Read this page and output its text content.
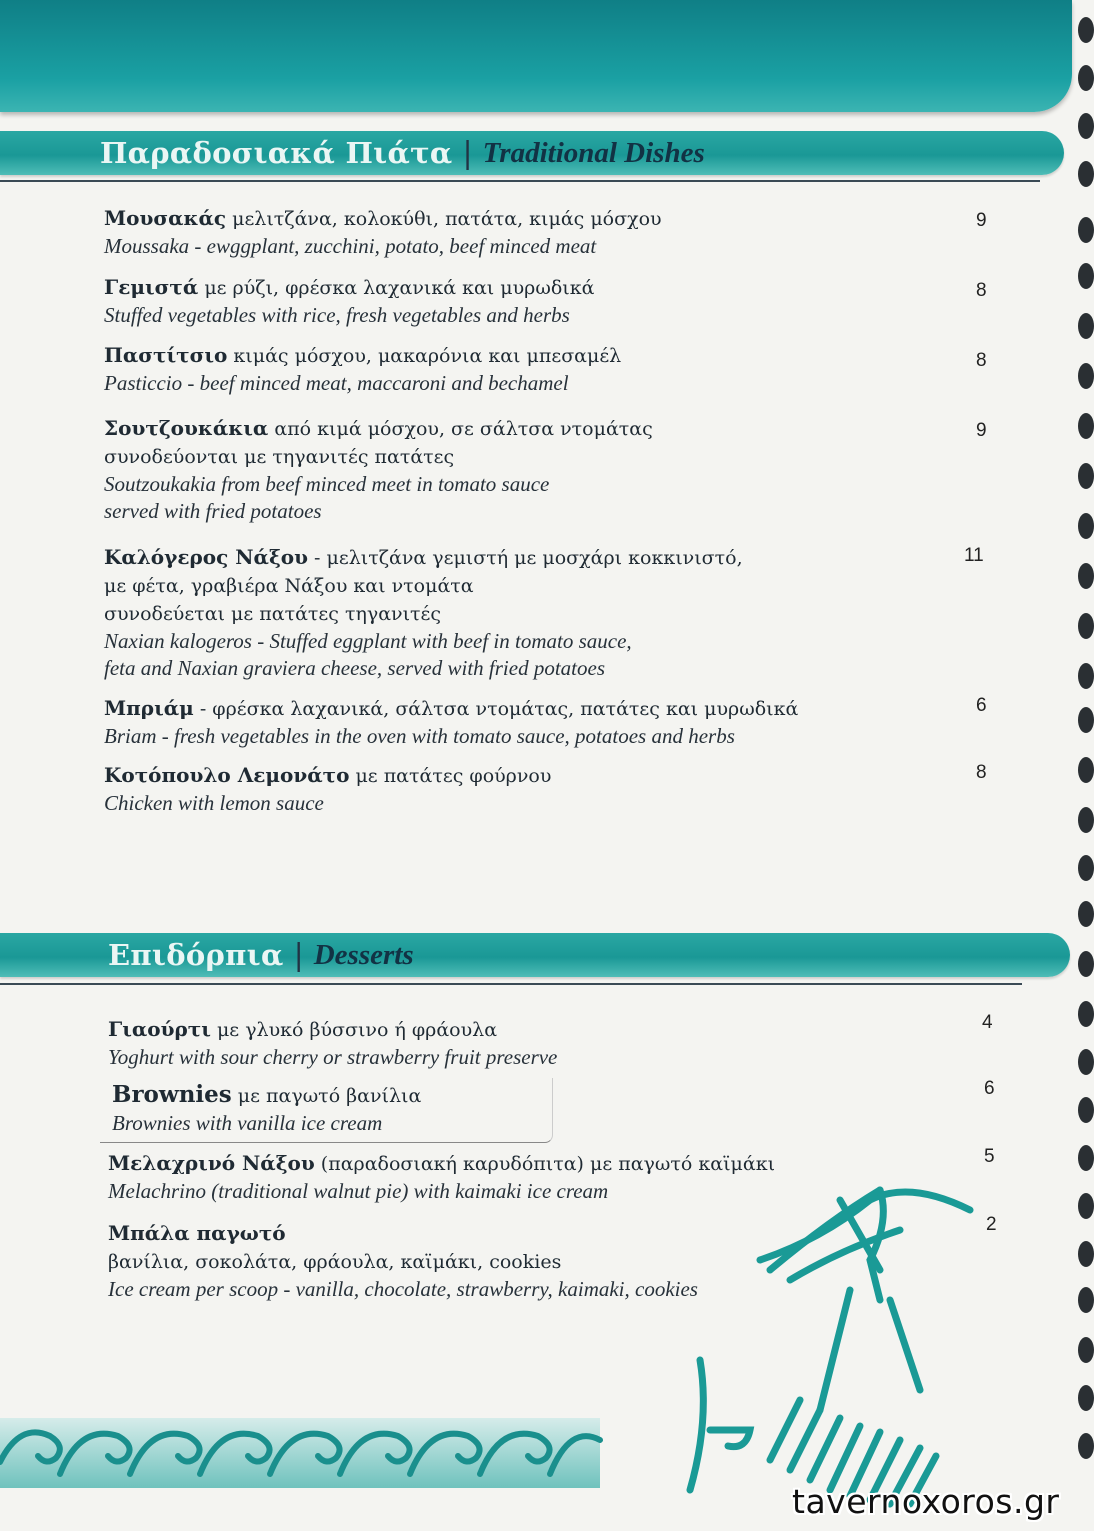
Παραδοσιακά Πιάτα | Traditional Dishes
Μουσακάς μελιτζάνα, κολοκύθι, πατάτα, κιμάς μόσχου
Moussaka - ewggplant, zucchini, potato, beef minced meat
9
Γεμιστά με ρύζι, φρέσκα λαχανικά και μυρωδικά
Stuffed vegetables with rice, fresh vegetables and herbs
8
Παστίτσιο κιμάς μόσχου, μακαρόνια και μπεσαμέλ
Pasticcio - beef minced meat, maccaroni and bechamel
8
Σουτζουκάκια από κιμά μόσχου, σε σάλτσα ντομάτας
συνοδεύονται με τηγανιτές πατάτες
Soutzoukakia from beef minced meet in tomato sauce
served with fried potatoes
9
Καλόγερος Νάξου - μελιτζάνα γεμιστή με μοσχάρι κοκκινιστό,
με φέτα, γραβιέρα Νάξου και ντομάτα
συνοδεύεται με πατάτες τηγανιτές
Naxian kalogeros - Stuffed eggplant with beef in tomato sauce,
feta and Naxian graviera cheese, served with fried potatoes
11
Μπριάμ - φρέσκα λαχανικά, σάλτσα ντομάτας, πατάτες και μυρωδικά
Briam - fresh vegetables in the oven with tomato sauce, potatoes and herbs
6
Κοτόπουλο Λεμονάτο με πατάτες φούρνου
Chicken with lemon sauce
8
Επιδόρπια | Desserts
Γιαούρτι με γλυκό βύσσινο ή φράουλα
Yoghurt with sour cherry or strawberry fruit preserve
4
Brownies με παγωτό βανίλια
Brownies with vanilla ice cream
6
Μελαχρινό Νάξου (παραδοσιακή καρυδόπιτα) με παγωτό καϊμάκι
Melachrino (traditional walnut pie) with kaimaki ice cream
5
Μπάλα παγωτό
βανίλια, σοκολάτα, φράουλα, καϊμάκι, cookies
Ice cream per scoop - vanilla, chocolate, strawberry, kaimaki, cookies
2
tavernoxoros.gr
